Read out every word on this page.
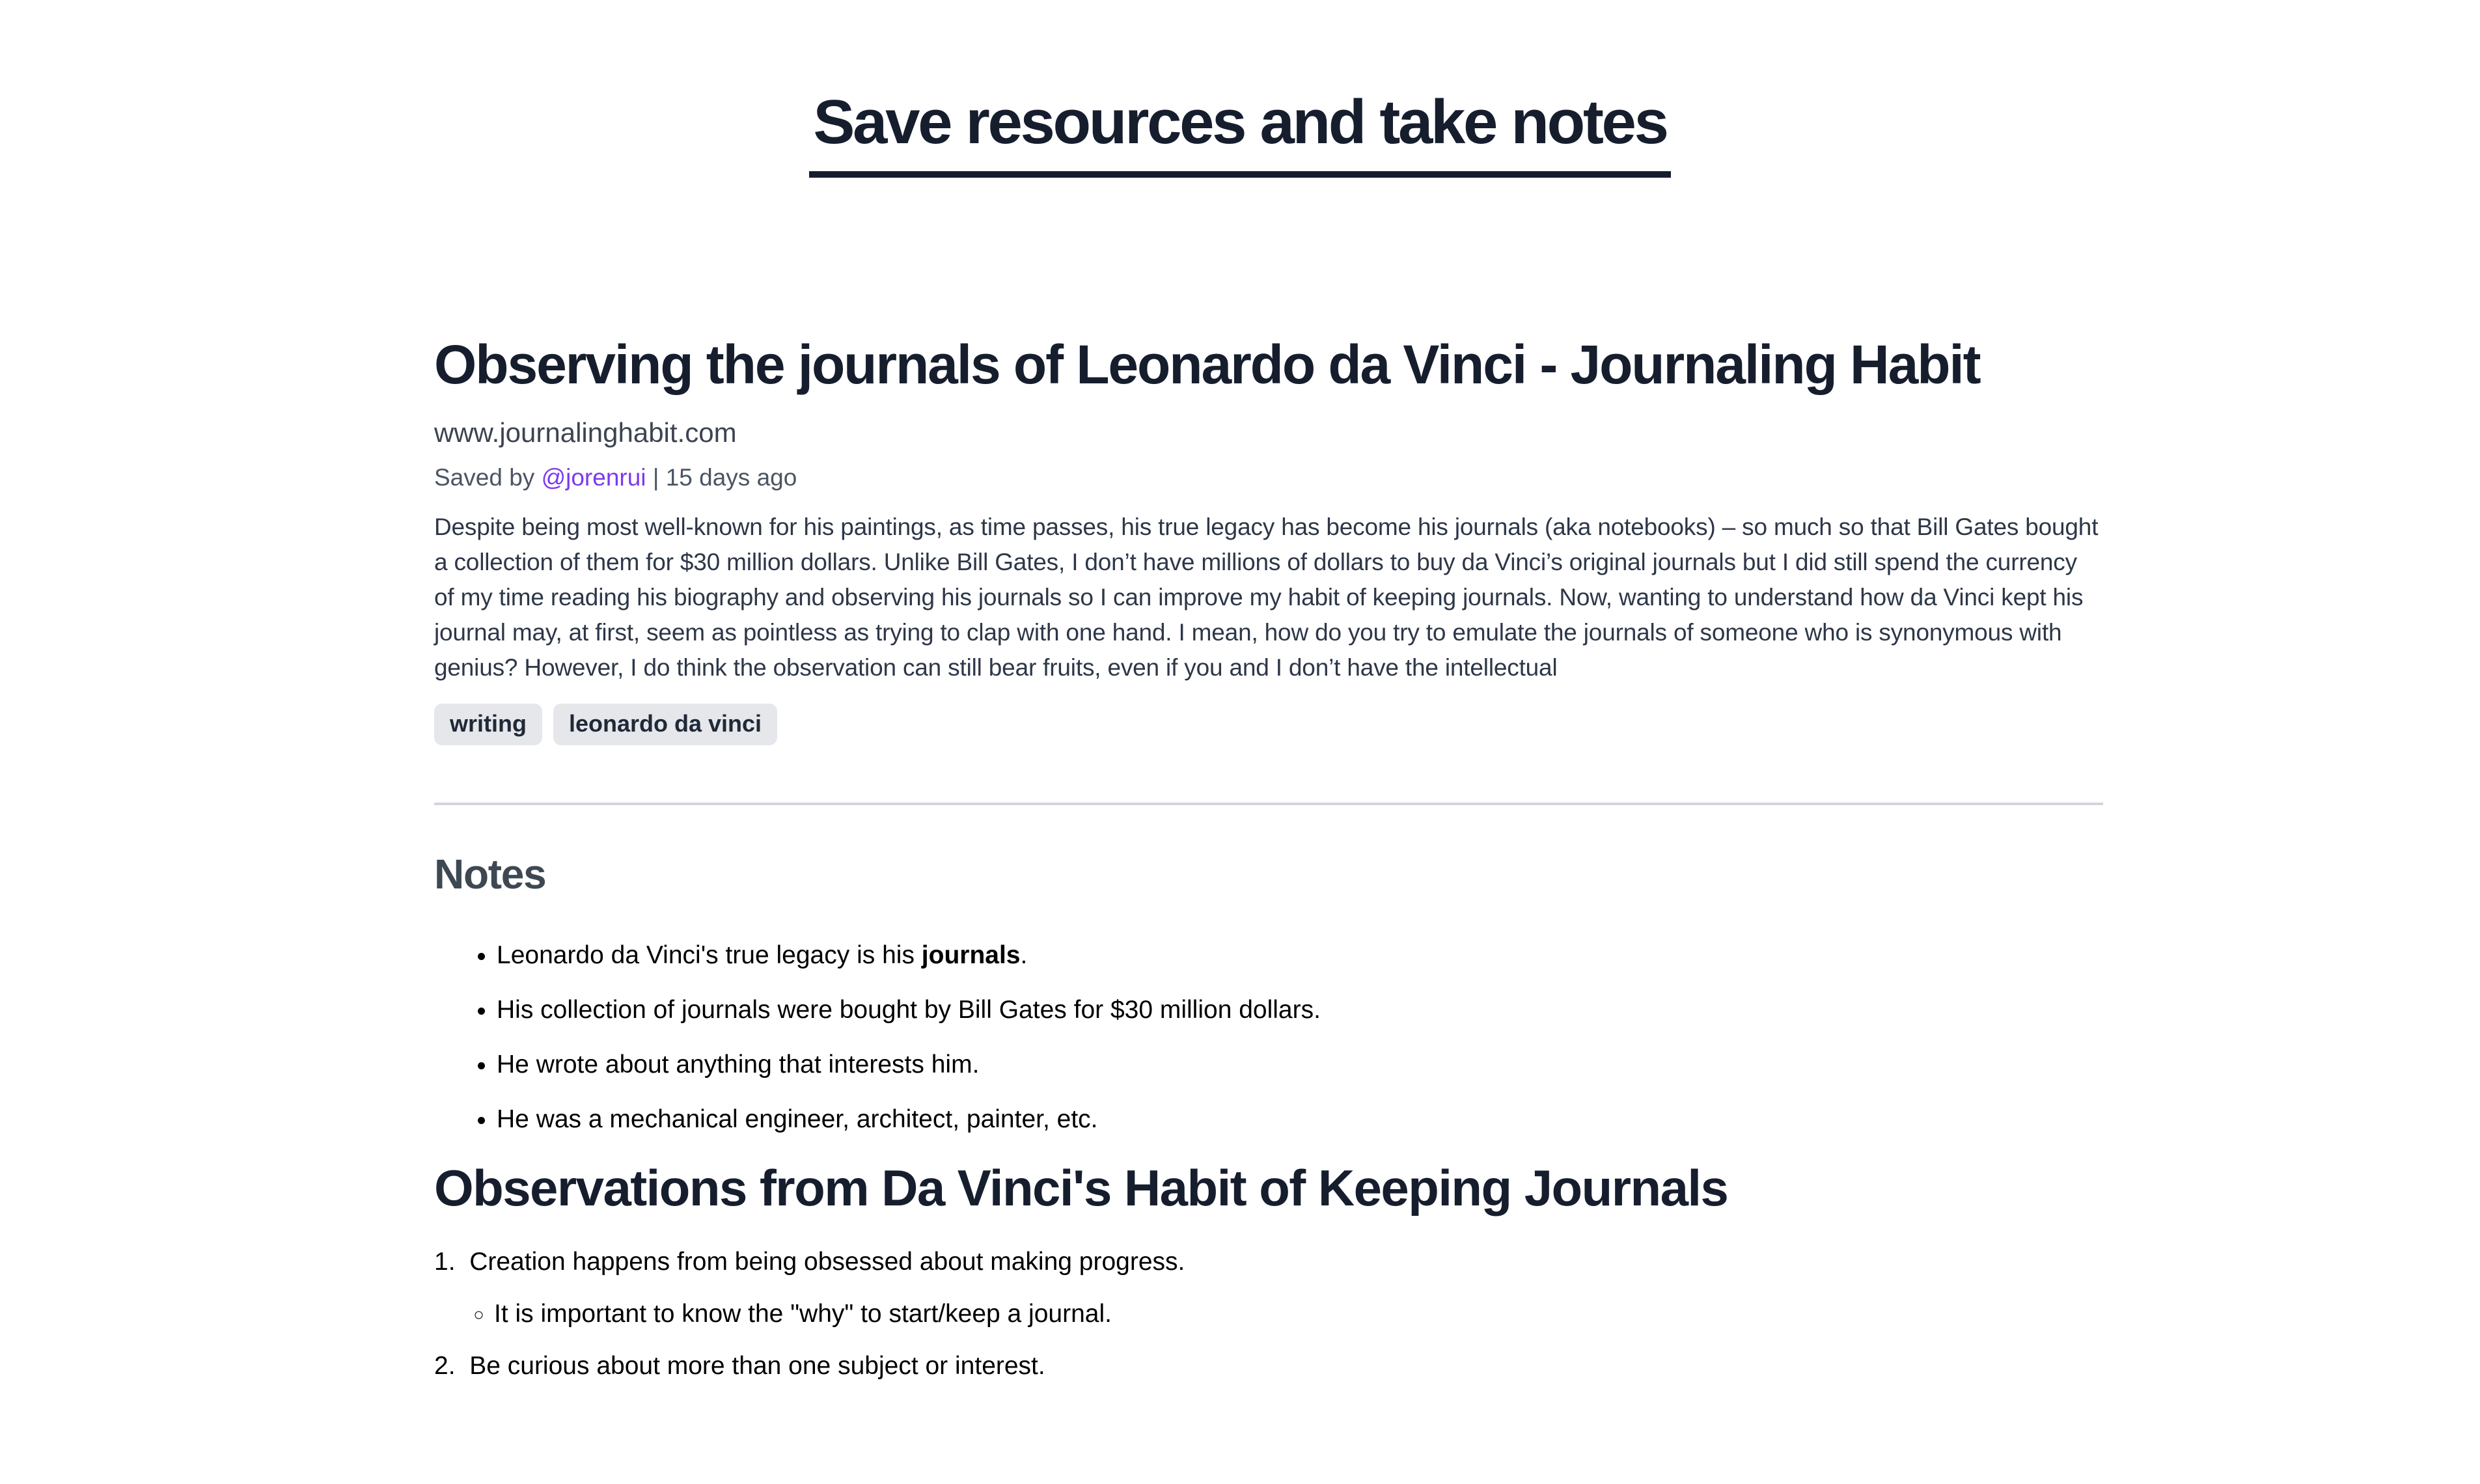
Save resources and take notes
Observing the journals of Leonardo da Vinci - Journaling Habit
www.journalinghabit.com
Saved by @jorenrui | 15 days ago

Despite being most well-known for his paintings, as time passes, his true legacy has become his journals (aka notebooks) – so much so that Bill Gates bought a collection of them for $30 million dollars. Unlike Bill Gates, I don’t have millions of dollars to buy da Vinci’s original journals but I did still spend the currency of my time reading his biography and observing his journals so I can improve my habit of keeping journals. Now, wanting to understand how da Vinci kept his journal may, at first, seem as pointless as trying to clap with one hand. I mean, how do you try to emulate the journals of someone who is synonymous with genius? However, I do think the observation can still bear fruits, even if you and I don’t have the intellectual

writing	leonardo da vinci
Notes
• Leonardo da Vinci's true legacy is his journals.
• His collection of journals were bought by Bill Gates for $30 million dollars.
• He wrote about anything that interests him.
• He was a mechanical engineer, architect, painter, etc.
Observations from Da Vinci's Habit of Keeping Journals
Creation happens from being obsessed about making progress.
◦ It is important to know the "why" to start/keep a journal.
Be curious about more than one subject or interest.
